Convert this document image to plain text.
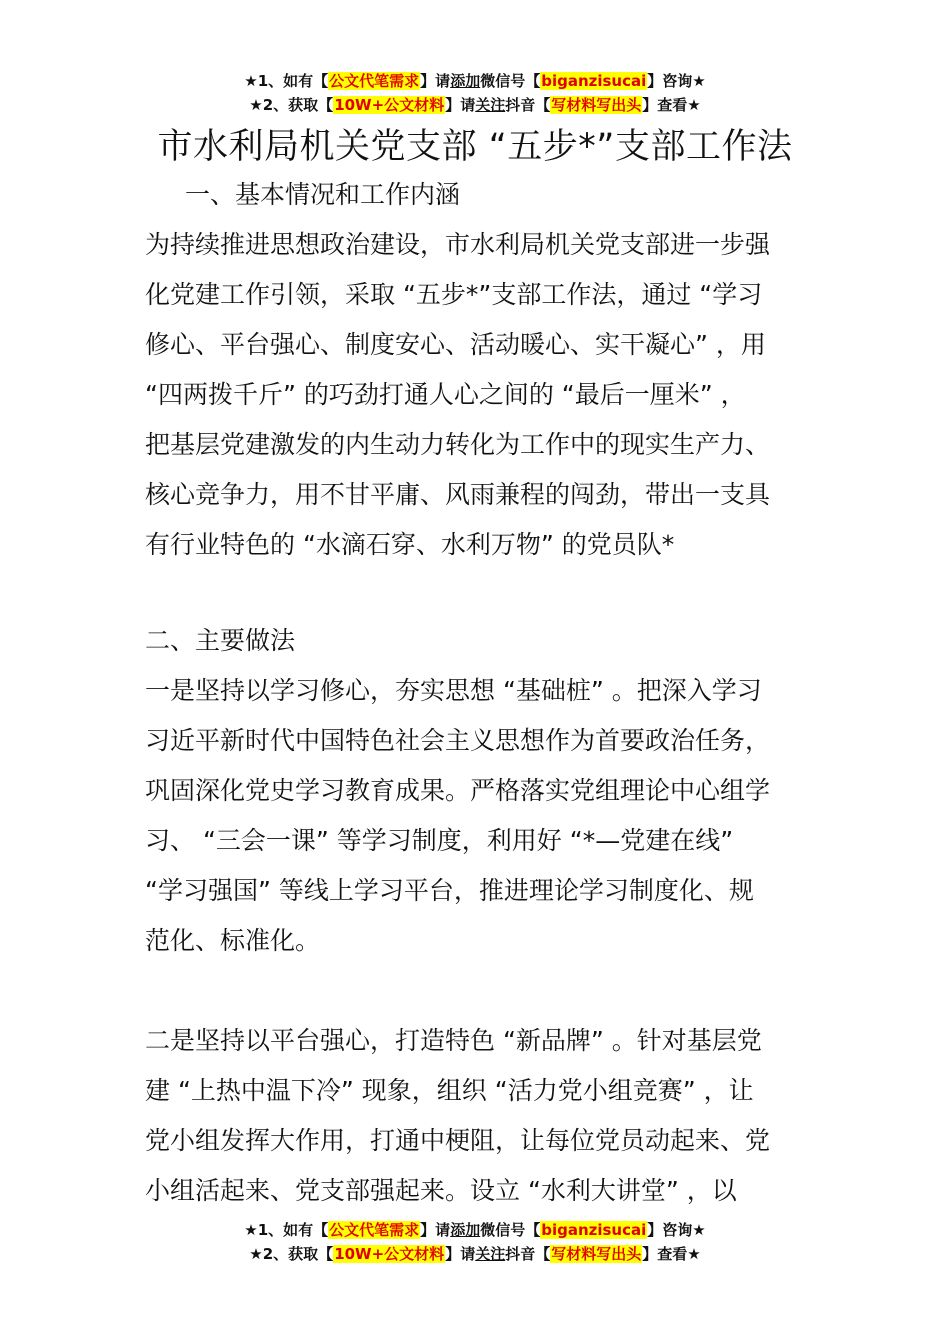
★1、如有【公文代笔需求】请添加微信号【biganzisucai】咨询★
★2、获取【10W+公文材料】请关注抖音【写材料写出头】查看★
市水利局机关党支部 “五步*”支部工作法
一、基本情况和工作内涵
为持续推进思想政治建设，市水利局机关党支部进一步强
化党建工作引领，采取 “五步*”支部工作法，通过 “学习
修心、平台强心、制度安心、活动暖心、实干凝心” ，用
“四两拨千斤” 的巧劲打通人心之间的 “最后一厘米” ，
把基层党建激发的内生动力转化为工作中的现实生产力、
核心竞争力，用不甘平庸、风雨兼程的闯劲，带出一支具
有行业特色的 “水滴石穿、水利万物” 的党员队*
二、主要做法
一是坚持以学习修心，夯实思想 “基础桩” 。把深入学习
习近平新时代中国特色社会主义思想作为首要政治任务，
巩固深化党史学习教育成果。严格落实党组理论中心组学
习、 “三会一课” 等学习制度，利用好 “*—党建在线”
“学习强国” 等线上学习平台，推进理论学习制度化、规
范化、标准化。
二是坚持以平台强心，打造特色 “新品牌” 。针对基层党
建 “上热中温下冷” 现象，组织 “活力党小组竞赛” ，让
党小组发挥大作用，打通中梗阻，让每位党员动起来、党
小组活起来、党支部强起来。设立 “水利大讲堂” ，以
★1、如有【公文代笔需求】请添加微信号【biganzisucai】咨询★
★2、获取【10W+公文材料】请关注抖音【写材料写出头】查看★
